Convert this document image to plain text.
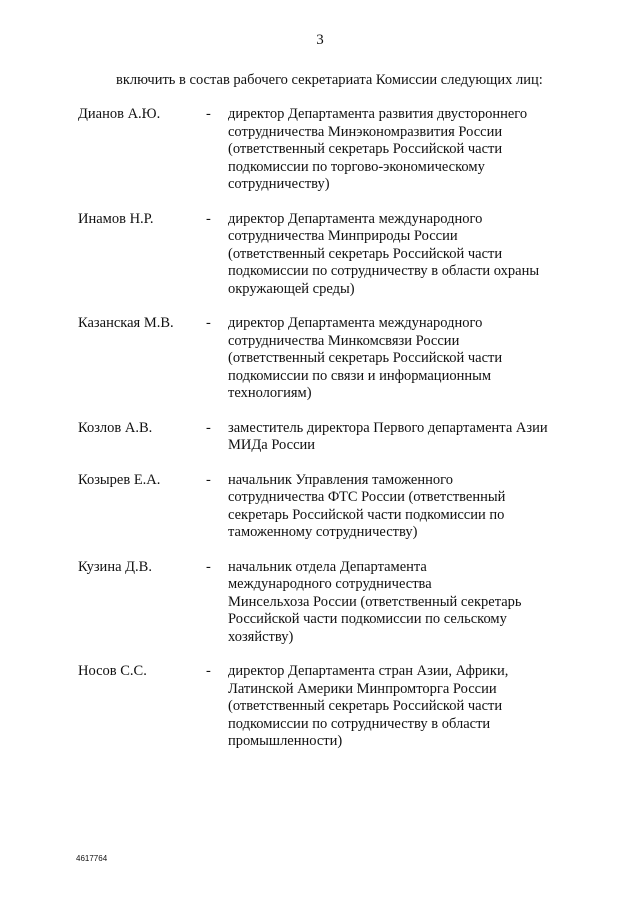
3
включить в состав рабочего секретариата Комиссии следующих лиц:
Дианов А.Ю.	-	директор Департамента развития двустороннего
сотрудничества Минэкономразвития России
(ответственный секретарь Российской части
подкомиссии по торгово-экономическому
сотрудничеству)
Инамов Н.Р.	-	директор Департамента международного
сотрудничества Минприроды России
(ответственный секретарь Российской части
подкомиссии по сотрудничеству в области охраны
окружающей среды)
Казанская М.В.	-	директор Департамента международного
сотрудничества Минкомсвязи России
(ответственный секретарь Российской части
подкомиссии по связи и информационным
технологиям)
Козлов А.В.	-	заместитель директора Первого департамента Азии
МИДа России
Козырев Е.А.	-	начальник Управления таможенного
сотрудничества ФТС России (ответственный
секретарь Российской части подкомиссии по
таможенному сотрудничеству)
Кузина Д.В.	-	начальник отдела Департамента
международного сотрудничества
Минсельхоза России (ответственный секретарь
Российской части подкомиссии по сельскому
хозяйству)
Носов С.С.	-	директор Департамента стран Азии, Африки,
Латинской Америки Минпромторга России
(ответственный секретарь Российской части
подкомиссии по сотрудничеству в области
промышленности)
4617764
